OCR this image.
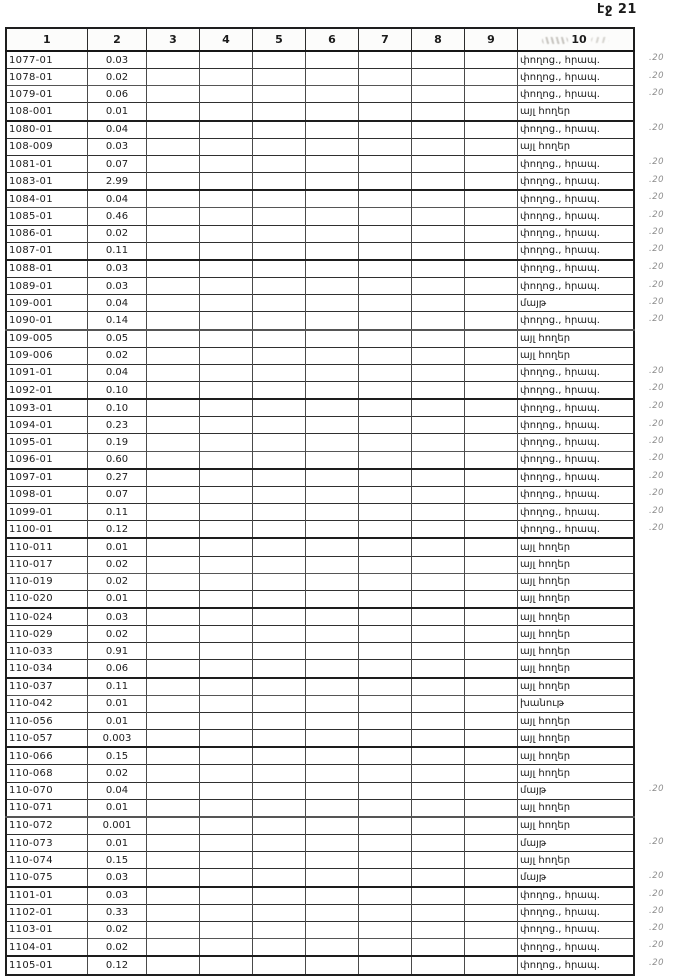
էջ 21
1	2	3	4	5	6	7	8	9	10
1077-01	0.03								փողոց., հրապ.
1078-01	0.02								փողոց., հրապ.
1079-01	0.06								փողոց., հրապ.
108-001	0.01								այլ հողեր
1080-01	0.04								փողոց., հրապ.
108-009	0.03								այլ հողեր
1081-01	0.07								փողոց., հրապ.
1083-01	2.99								փողոց., հրապ.
1084-01	0.04								փողոց., հրապ.
1085-01	0.46								փողոց., հրապ.
1086-01	0.02								փողոց., հրապ.
1087-01	0.11								փողոց., հրապ.
1088-01	0.03								փողոց., հրապ.
1089-01	0.03								փողոց., հրապ.
109-001	0.04								մայթ
1090-01	0.14								փողոց., հրապ.
109-005	0.05								այլ հողեր
109-006	0.02								այլ հողեր
1091-01	0.04								փողոց., հրապ.
1092-01	0.10								փողոց., հրապ.
1093-01	0.10								փողոց., հրապ.
1094-01	0.23								փողոց., հրապ.
1095-01	0.19								փողոց., հրապ.
1096-01	0.60								փողոց., հրապ.
1097-01	0.27								փողոց., հրապ.
1098-01	0.07								փողոց., հրապ.
1099-01	0.11								փողոց., հրապ.
1100-01	0.12								փողոց., հրապ.
110-011	0.01								այլ հողեր
110-017	0.02								այլ հողեր
110-019	0.02								այլ հողեր
110-020	0.01								այլ հողեր
110-024	0.03								այլ հողեր
110-029	0.02								այլ հողեր
110-033	0.91								այլ հողեր
110-034	0.06								այլ հողեր
110-037	0.11								այլ հողեր
110-042	0.01								խանութ
110-056	0.01								այլ հողեր
110-057	0.003								այլ հողեր
110-066	0.15								այլ հողեր
110-068	0.02								այլ հողեր
110-070	0.04								մայթ
110-071	0.01								այլ հողեր
110-072	0.001								այլ հողեր
110-073	0.01								մայթ
110-074	0.15								այլ հողեր
110-075	0.03								մայթ
1101-01	0.03								փողոց., հրապ.
1102-01	0.33								փողոց., հրապ.
1103-01	0.02								փողոց., հրապ.
1104-01	0.02								փողոց., հրապ.
1105-01	0.12								փողոց., հրապ.
.20
.20
.20
.20
.20
.20
.20
.20
.20
.20
.20
.20
.20
.20
.20
.20
.20
.20
.20
.20
.20
.20
.20
.20
.20
.20
.20
.20
.20
.20
.20
.20
